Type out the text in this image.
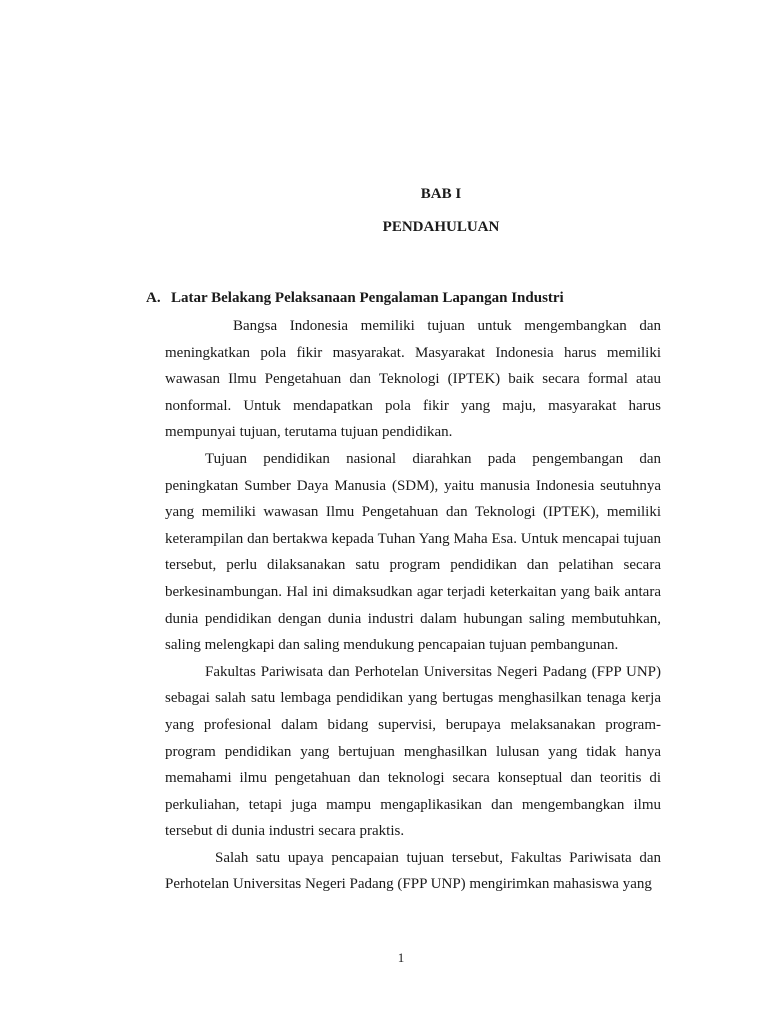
BAB I
PENDAHULUAN
A. Latar Belakang Pelaksanaan Pengalaman Lapangan Industri

Bangsa Indonesia memiliki tujuan untuk mengembangkan dan meningkatkan pola fikir masyarakat. Masyarakat Indonesia harus memiliki wawasan Ilmu Pengetahuan dan Teknologi (IPTEK) baik secara formal atau nonformal. Untuk mendapatkan pola fikir yang maju, masyarakat harus mempunyai tujuan, terutama tujuan pendidikan.

Tujuan pendidikan nasional diarahkan pada pengembangan dan peningkatan Sumber Daya Manusia (SDM), yaitu manusia Indonesia seutuhnya yang memiliki wawasan Ilmu Pengetahuan dan Teknologi (IPTEK), memiliki keterampilan dan bertakwa kepada Tuhan Yang Maha Esa. Untuk mencapai tujuan tersebut, perlu dilaksanakan satu program pendidikan dan pelatihan secara berkesinambungan. Hal ini dimaksudkan agar terjadi keterkaitan yang baik antara dunia pendidikan dengan dunia industri dalam hubungan saling membutuhkan, saling melengkapi dan saling mendukung pencapaian tujuan pembangunan.

Fakultas Pariwisata dan Perhotelan Universitas Negeri Padang (FPP UNP) sebagai salah satu lembaga pendidikan yang bertugas menghasilkan tenaga kerja yang profesional dalam bidang supervisi, berupaya melaksanakan program-program pendidikan yang bertujuan menghasilkan lulusan yang tidak hanya memahami ilmu pengetahuan dan teknologi secara konseptual dan teoritis di perkuliahan, tetapi juga mampu mengaplikasikan dan mengembangkan ilmu tersebut di dunia industri secara praktis.

Salah satu upaya pencapaian tujuan tersebut, Fakultas Pariwisata dan Perhotelan Universitas Negeri Padang (FPP UNP) mengirimkan mahasiswa yang

1
